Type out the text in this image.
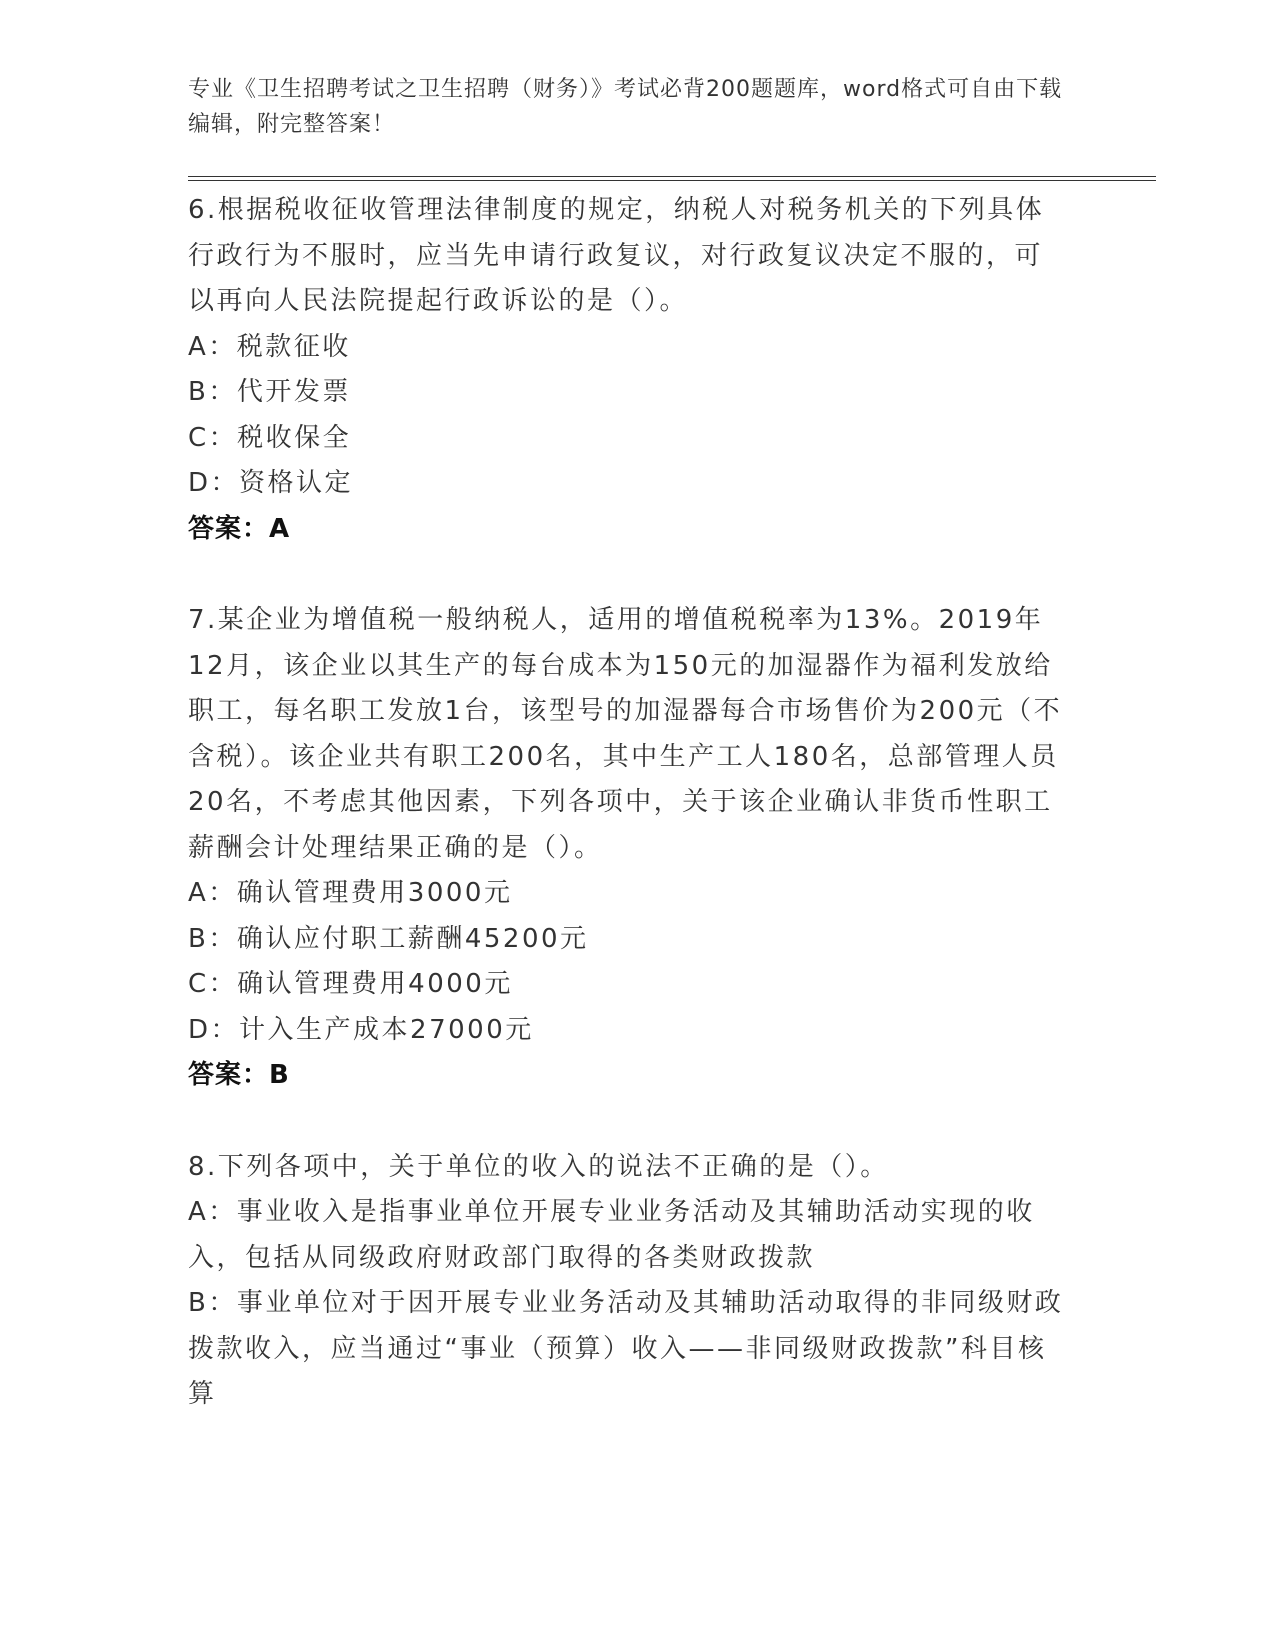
专业《卫生招聘考试之卫生招聘（财务）》考试必背200题题库，word格式可自由下载编辑，附完整答案！
6.根据税收征收管理法律制度的规定，纳税人对税务机关的下列具体行政行为不服时，应当先申请行政复议，对行政复议决定不服的，可以再向人民法院提起行政诉讼的是（）。
A：税款征收
B：代开发票
C：税收保全
D：资格认定
答案：A
7.某企业为增值税一般纳税人，适用的增值税税率为13%。2019年12月，该企业以其生产的每台成本为150元的加湿器作为福利发放给职工，每名职工发放1台，该型号的加湿器每合市场售价为200元（不含税）。该企业共有职工200名，其中生产工人180名，总部管理人员20名，不考虑其他因素，下列各项中，关于该企业确认非货币性职工薪酬会计处理结果正确的是（）。
A：确认管理费用3000元
B：确认应付职工薪酬45200元
C：确认管理费用4000元
D：计入生产成本27000元
答案：B
8.下列各项中，关于单位的收入的说法不正确的是（）。
A：事业收入是指事业单位开展专业业务活动及其辅助活动实现的收入，包括从同级政府财政部门取得的各类财政拨款
B：事业单位对于因开展专业业务活动及其辅助活动取得的非同级财政拨款收入，应当通过“事业（预算）收入——非同级财政拨款”科目核算
